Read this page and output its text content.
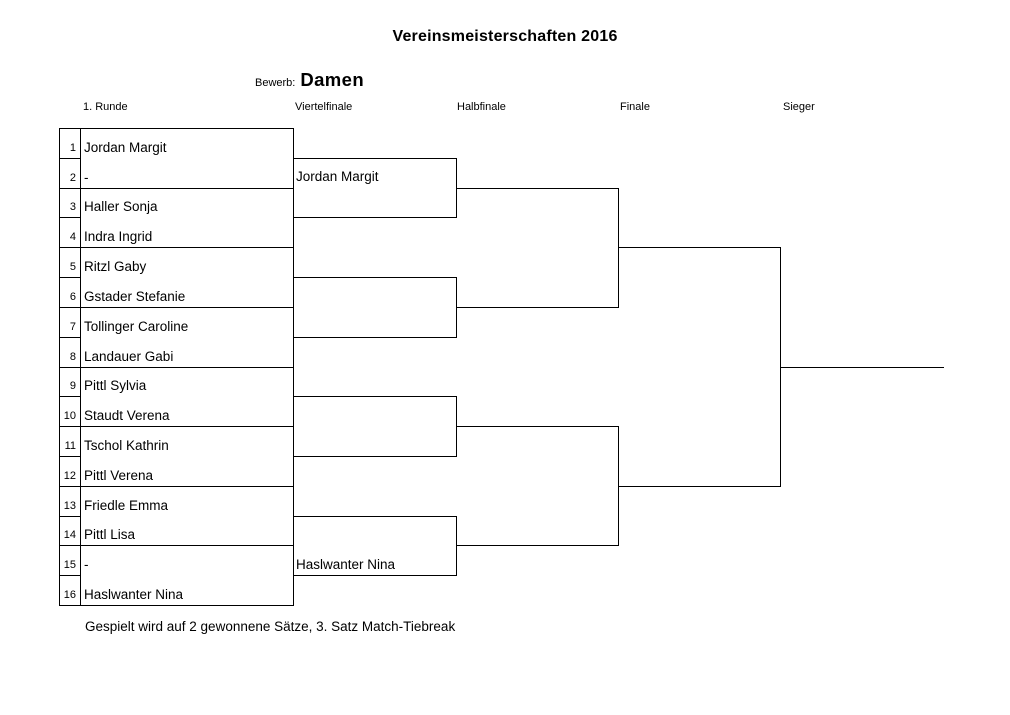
Vereinsmeisterschaften 2016
Bewerb: Damen
1. Runde	Viertelfinale	Halbfinale	Finale	Sieger
1 Jordan Margit
2 -
3 Haller Sonja
4 Indra Ingrid
5 Ritzl Gaby
6 Gstader Stefanie
7 Tollinger Caroline
8 Landauer Gabi
9 Pittl Sylvia
10 Staudt Verena
11 Tschol Kathrin
12 Pittl Verena
13 Friedle Emma
14 Pittl Lisa
15 -
16 Haslwanter Nina
Jordan Margit
Haslwanter Nina
Gespielt wird auf 2 gewonnene Sätze, 3. Satz Match-Tiebreak
